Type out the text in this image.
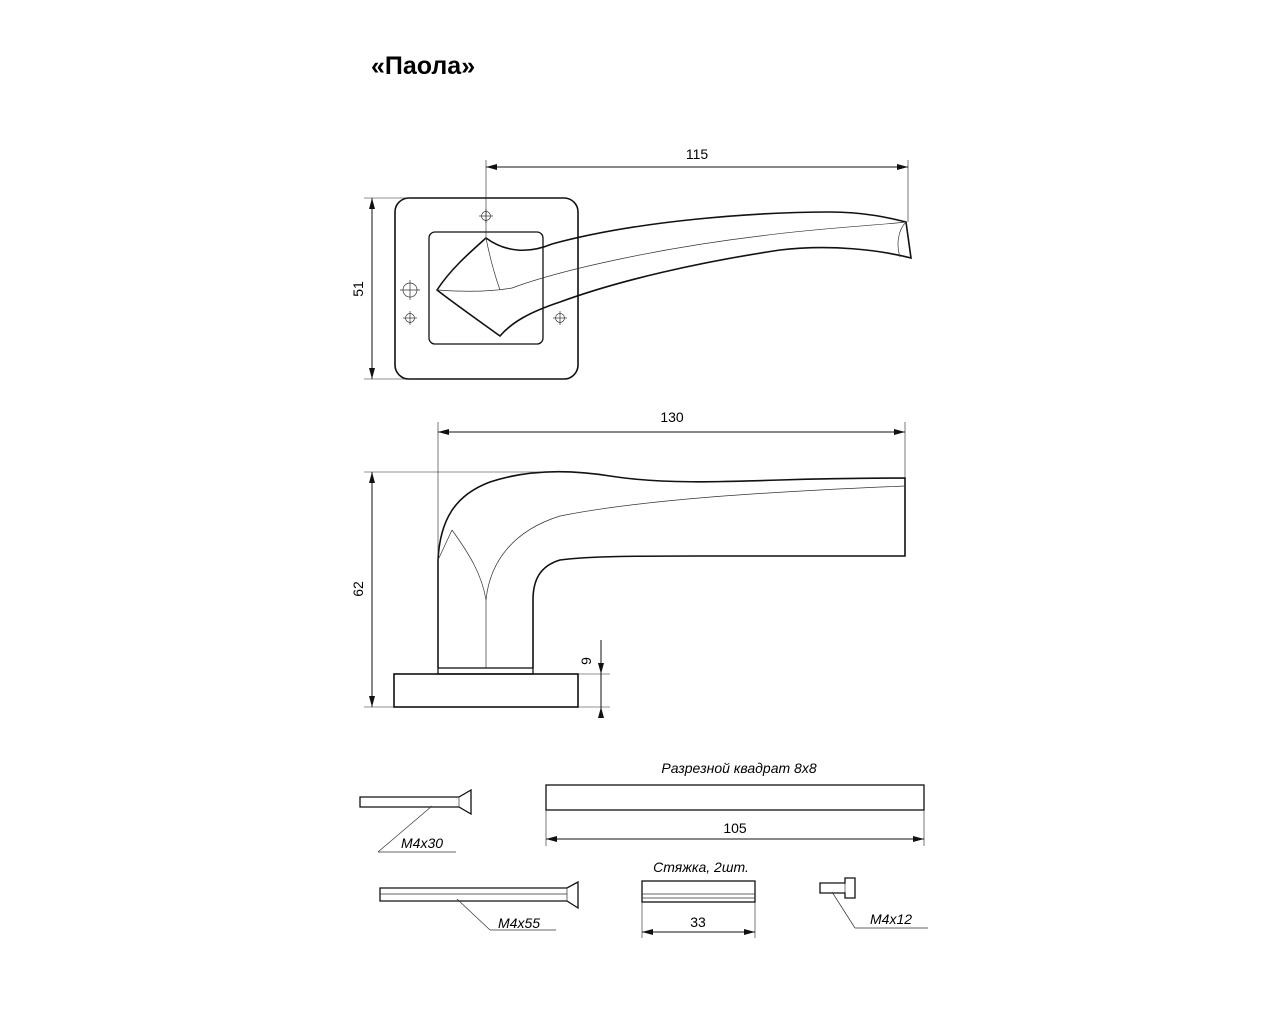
«Паола»
115
51
130
62
9
М4х30
Разрезной квадрат 8x8
105
М4х55
Стяжка, 2шт.
33	М4х12
